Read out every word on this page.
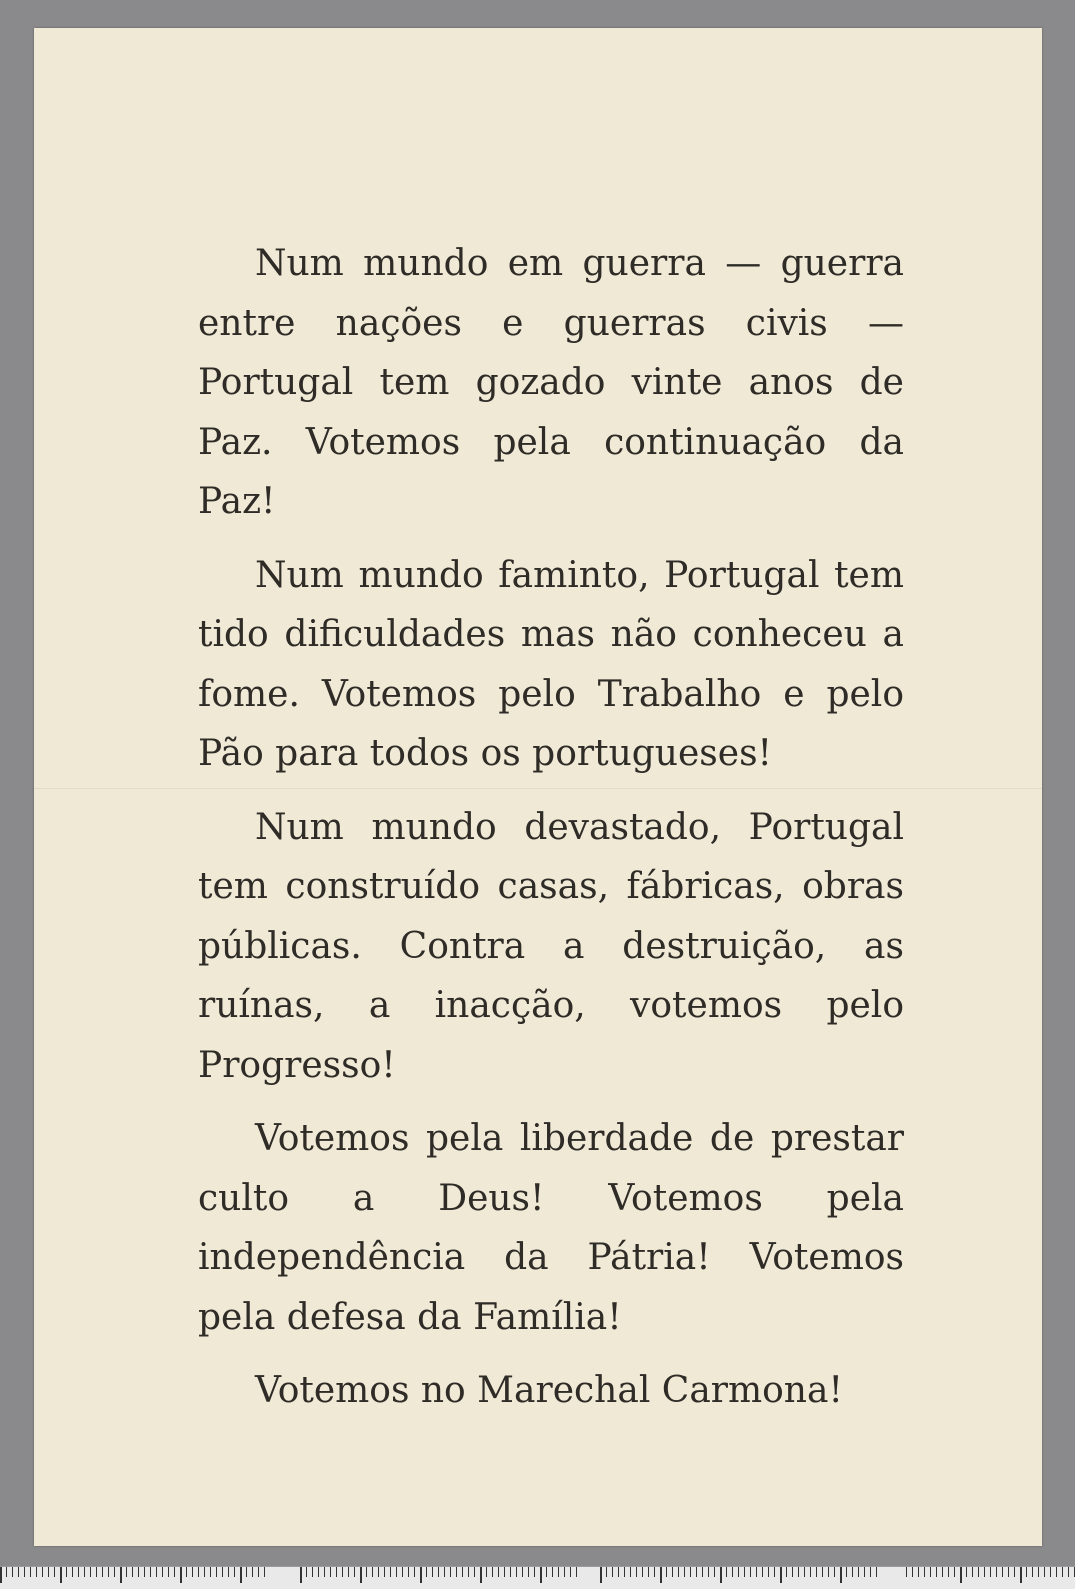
Num mundo em guerra — guerra entre nações e guerras civis — Portugal tem gozado vinte anos de Paz. Votemos pela continuação da Paz!

Num mundo faminto, Portugal tem tido dificuldades mas não conheceu a fome. Votemos pelo Trabalho e pelo Pão para todos os portugueses!

Num mundo devastado, Portugal tem construído casas, fábricas, obras públicas. Contra a destruição, as ruínas, a inacção, votemos pelo Progresso!

Votemos pela liberdade de prestar culto a Deus! Votemos pela independência da Pátria! Votemos pela defesa da Família!

Votemos no Marechal Carmona!
